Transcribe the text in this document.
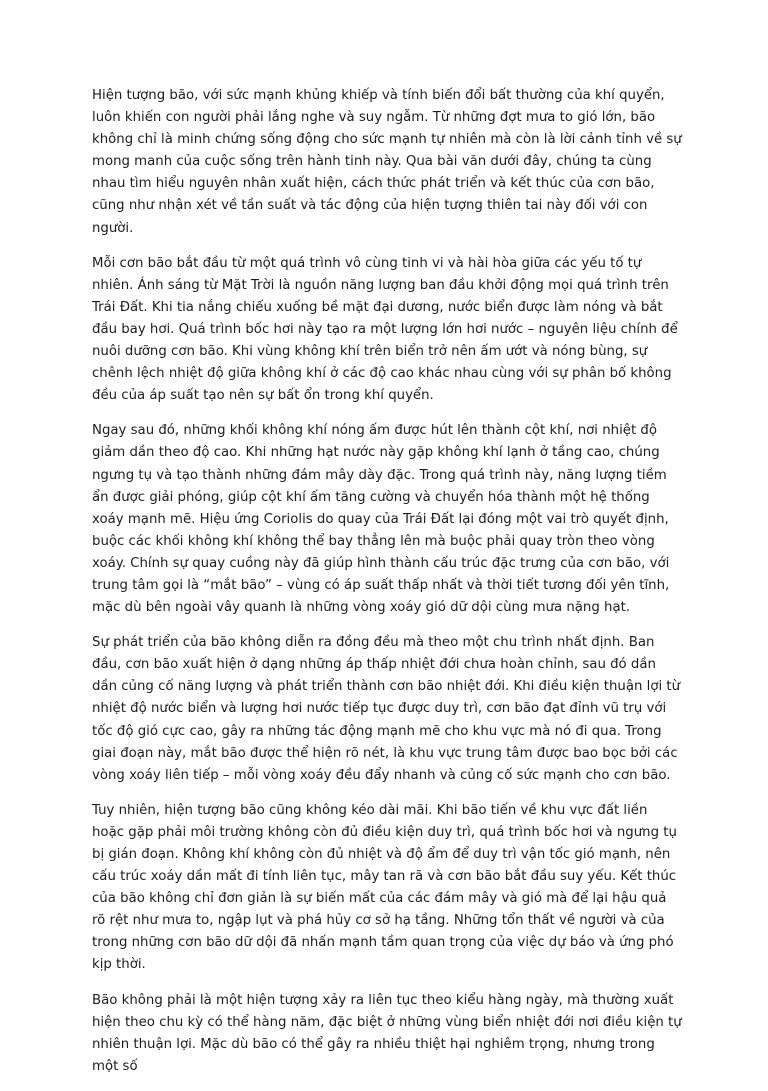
Hiện tượng bão, với sức mạnh khủng khiếp và tính biến đổi bất thường của khí quyển, luôn khiến con người phải lắng nghe và suy ngẫm. Từ những đợt mưa to gió lớn, bão không chỉ là minh chứng sống động cho sức mạnh tự nhiên mà còn là lời cảnh tỉnh về sự mong manh của cuộc sống trên hành tinh này. Qua bài văn dưới đây, chúng ta cùng nhau tìm hiểu nguyên nhân xuất hiện, cách thức phát triển và kết thúc của cơn bão, cũng như nhận xét về tần suất và tác động của hiện tượng thiên tai này đối với con người.

Mỗi cơn bão bắt đầu từ một quá trình vô cùng tinh vi và hài hòa giữa các yếu tố tự nhiên. Ánh sáng từ Mặt Trời là nguồn năng lượng ban đầu khởi động mọi quá trình trên Trái Đất. Khi tia nắng chiếu xuống bề mặt đại dương, nước biển được làm nóng và bắt đầu bay hơi. Quá trình bốc hơi này tạo ra một lượng lớn hơi nước – nguyên liệu chính để nuôi dưỡng cơn bão. Khi vùng không khí trên biển trở nên ấm ướt và nóng bùng, sự chênh lệch nhiệt độ giữa không khí ở các độ cao khác nhau cùng với sự phân bố không đều của áp suất tạo nên sự bất ổn trong khí quyển.

Ngay sau đó, những khối không khí nóng ấm được hút lên thành cột khí, nơi nhiệt độ giảm dần theo độ cao. Khi những hạt nước này gặp không khí lạnh ở tầng cao, chúng ngưng tụ và tạo thành những đám mây dày đặc. Trong quá trình này, năng lượng tiềm ẩn được giải phóng, giúp cột khí ấm tăng cường và chuyển hóa thành một hệ thống xoáy mạnh mẽ. Hiệu ứng Coriolis do quay của Trái Đất lại đóng một vai trò quyết định, buộc các khối không khí không thể bay thẳng lên mà buộc phải quay tròn theo vòng xoáy. Chính sự quay cuồng này đã giúp hình thành cấu trúc đặc trưng của cơn bão, với trung tâm gọi là “mắt bão” – vùng có áp suất thấp nhất và thời tiết tương đối yên tĩnh, mặc dù bên ngoài vây quanh là những vòng xoáy gió dữ dội cùng mưa nặng hạt.

Sự phát triển của bão không diễn ra đồng đều mà theo một chu trình nhất định. Ban đầu, cơn bão xuất hiện ở dạng những áp thấp nhiệt đới chưa hoàn chỉnh, sau đó dần dần củng cố năng lượng và phát triển thành cơn bão nhiệt đới. Khi điều kiện thuận lợi từ nhiệt độ nước biển và lượng hơi nước tiếp tục được duy trì, cơn bão đạt đỉnh vũ trụ với tốc độ gió cực cao, gây ra những tác động mạnh mẽ cho khu vực mà nó đi qua. Trong giai đoạn này, mắt bão được thể hiện rõ nét, là khu vực trung tâm được bao bọc bởi các vòng xoáy liên tiếp – mỗi vòng xoáy đều đẩy nhanh và củng cố sức mạnh cho cơn bão.

Tuy nhiên, hiện tượng bão cũng không kéo dài mãi. Khi bão tiến về khu vực đất liền hoặc gặp phải môi trường không còn đủ điều kiện duy trì, quá trình bốc hơi và ngưng tụ bị gián đoạn. Không khí không còn đủ nhiệt và độ ẩm để duy trì vận tốc gió mạnh, nên cấu trúc xoáy dần mất đi tính liên tục, mây tan rã và cơn bão bắt đầu suy yếu. Kết thúc của bão không chỉ đơn giản là sự biến mất của các đám mây và gió mà để lại hậu quả rõ rệt như mưa to, ngập lụt và phá hủy cơ sở hạ tầng. Những tổn thất về người và của trong những cơn bão dữ dội đã nhấn mạnh tầm quan trọng của việc dự báo và ứng phó kịp thời.

Bão không phải là một hiện tượng xảy ra liên tục theo kiểu hàng ngày, mà thường xuất hiện theo chu kỳ có thể hàng năm, đặc biệt ở những vùng biển nhiệt đới nơi điều kiện tự nhiên thuận lợi. Mặc dù bão có thể gây ra nhiều thiệt hại nghiêm trọng, nhưng trong một số
